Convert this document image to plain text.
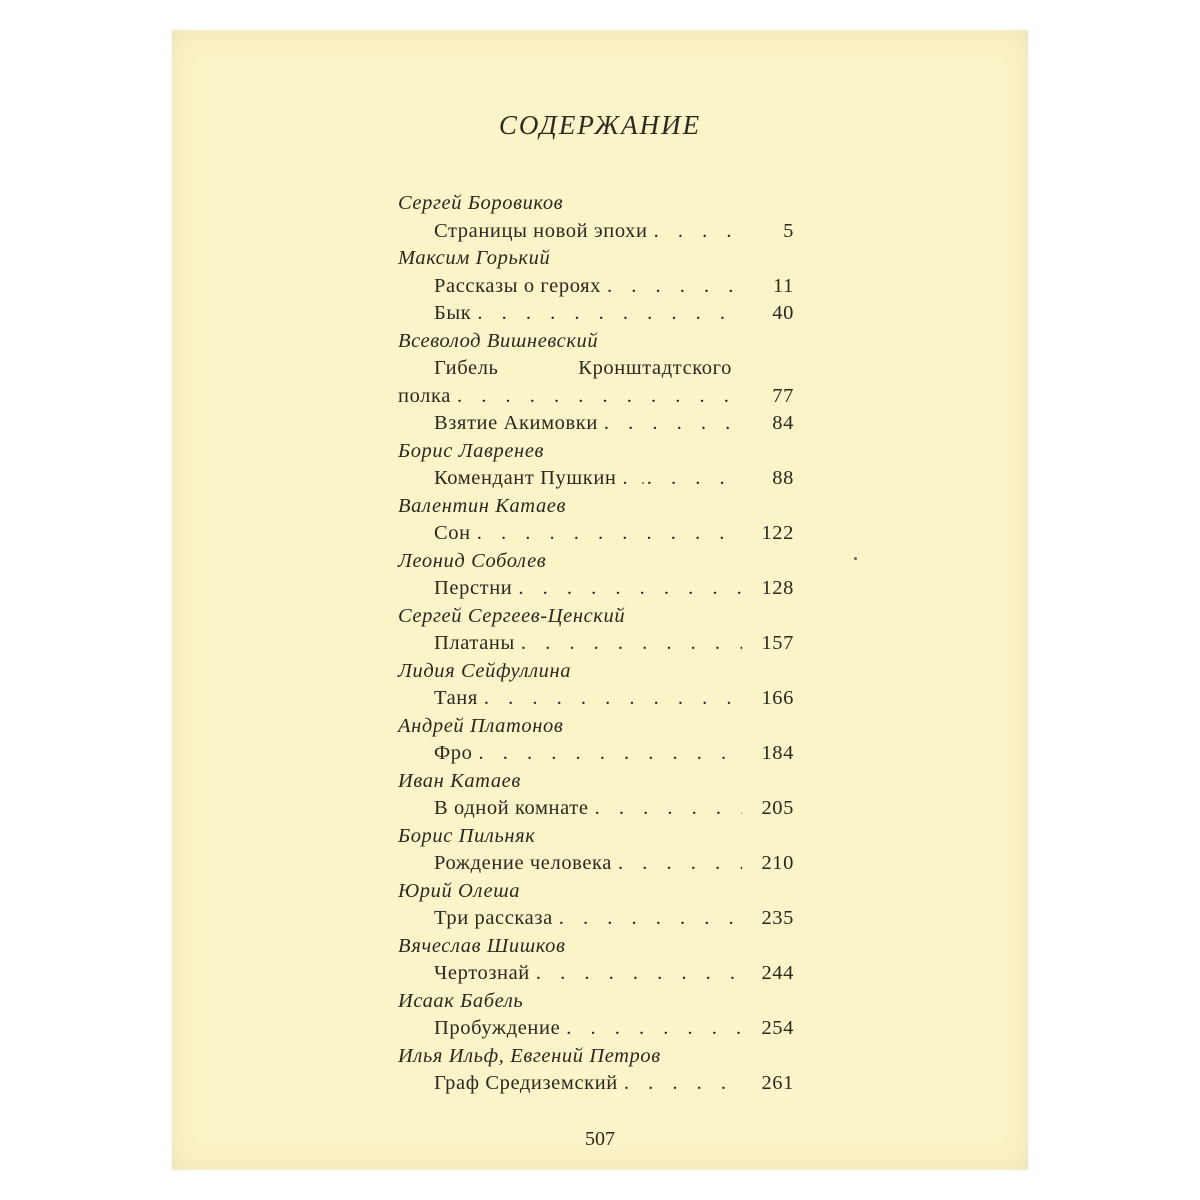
СОДЕРЖАНИЕ
Сергей Боровиков
Страницы новой эпохи . . .	5
Максим Горький
Рассказы о героях . . .	11
Бык . . .	40
Всеволод Вишневский
Гибель	Кронштадтского
полка . . .	77
Взятие Акимовки . . .	84
Борис Лавренев
Комендант Пушкин . . .	88
Валентин Катаев
Сон . . .	122
Леонид Соболев
Перстни . . .	128
Сергей Сергеев-Ценский
Платаны . . .	157
Лидия Сейфуллина
Таня . . .	166
Андрей Платонов
Фро . . .	184
Иван Катаев
В одной комнате . . .	205
Борис Пильняк
Рождение человека . . .	210
Юрий Олеша
Три рассказа . . .	235
Вячеслав Шишков
Чертознай . . .	244
Исаак Бабель
Пробуждение . . .	254
Илья Ильф, Евгений Петров
Граф Средиземский . . .	261
507
